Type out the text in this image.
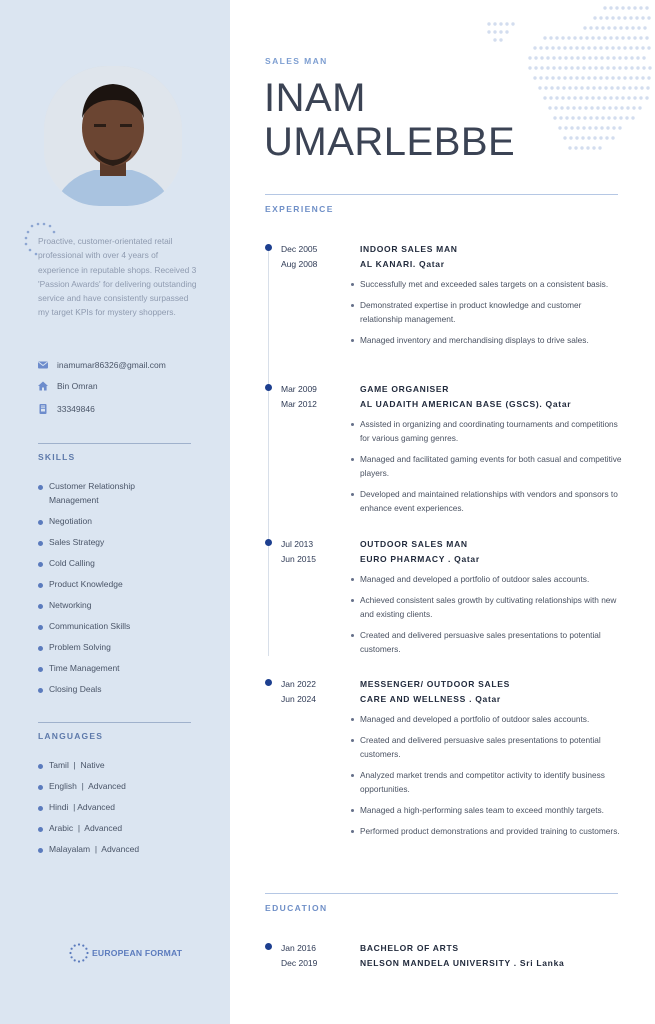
Proactive, customer-orientated retail professional with over 4 years of experience in reputable shops. Received 3 'Passion Awards' for delivering outstanding service and have consistently surpassed my target KPIs for mystery shoppers.

inamumar86326@gmail.com
Bin Omran
33349846
SKILLS
Customer Relationship Management
Negotiation
Sales Strategy
Cold Calling
Product Knowledge
Networking
Communication Skills
Problem Solving
Time Management
Closing Deals
LANGUAGES
Tamil  |  Native
English  |  Advanced
Hindi  | Advanced
Arabic  |  Advanced
Malayalam  |  Advanced
EUROPEAN FORMAT
SALES MAN
INAM
UMARLEBBE
EXPERIENCE
Dec 2005
Aug 2008
INDOOR SALES MAN
AL KANARI. Qatar
Successfully met and exceeded sales targets on a consistent basis.
Demonstrated expertise in product knowledge and customer relationship management.
Managed inventory and merchandising displays to drive sales.
Mar 2009
Mar 2012
GAME ORGANISER
AL UADAITH AMERICAN BASE (GSCS). Qatar
Assisted in organizing and coordinating tournaments and competitions for various gaming genres.
Managed and facilitated gaming events for both casual and competitive players.
Developed and maintained relationships with vendors and sponsors to enhance event experiences.
Jul 2013
Jun 2015
OUTDOOR SALES MAN
EURO PHARMACY . Qatar
Managed and developed a portfolio of outdoor sales accounts.
Achieved consistent sales growth by cultivating relationships with new and existing clients.
Created and delivered persuasive sales presentations to potential customers.
Jan 2022
Jun 2024
MESSENGER/ OUTDOOR SALES
CARE AND WELLNESS . Qatar
Managed and developed a portfolio of outdoor sales accounts.
Created and delivered persuasive sales presentations to potential customers.
Analyzed market trends and competitor activity to identify business opportunities.
Managed a high-performing sales team to exceed monthly targets.
Performed product demonstrations and provided training to customers.
EDUCATION
Jan 2016
Dec 2019
BACHELOR OF ARTS
NELSON MANDELA UNIVERSITY . Sri Lanka
